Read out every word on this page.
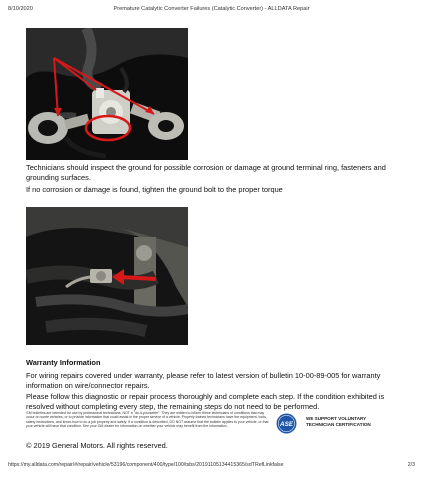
8/10/2020	Premature Catalytic Converter Failures (Catalytic Converter) - ALLDATA Repair

Technicians should inspect the ground for possible corrosion or damage at ground terminal ring, fasteners and grounding surfaces.

If no corrosion or damage is found, tighten the ground bolt to the proper torque

Warranty Information

For wiring repairs covered under warranty, please refer to latest version of bulletin 10-00-89-005 for warranty information on wire/connector repairs.

Please follow this diagnostic or repair process thoroughly and complete each step. If the condition exhibited is resolved without completing every step, the remaining steps do not need to be performed.

GM bulletins are intended for use by professional technicians, NOT a "do-it-yourselfer". They are written to inform these technicians of conditions that may occur on some vehicles, or to provide information that could assist in the proper service of a vehicle. Properly trained technicians have the equipment, tools, safety instructions, and know-how to do a job properly and safely. If a condition is described, DO NOT assume that the bulletin applies to your vehicle, or that your vehicle will have that condition. See your GM dealer for information on whether your vehicle may benefit from the information.	ASE
WE SUPPORT VOLUNTARY
TECHNICIAN CERTIFICATION
© 2019 General Motors. All rights reserved.
https://my.alldata.com/repair/#/repair/vehicle/53196/component/400/type/100/tsbs/20191105134415365/sdTRefLinkfalse	2/3
